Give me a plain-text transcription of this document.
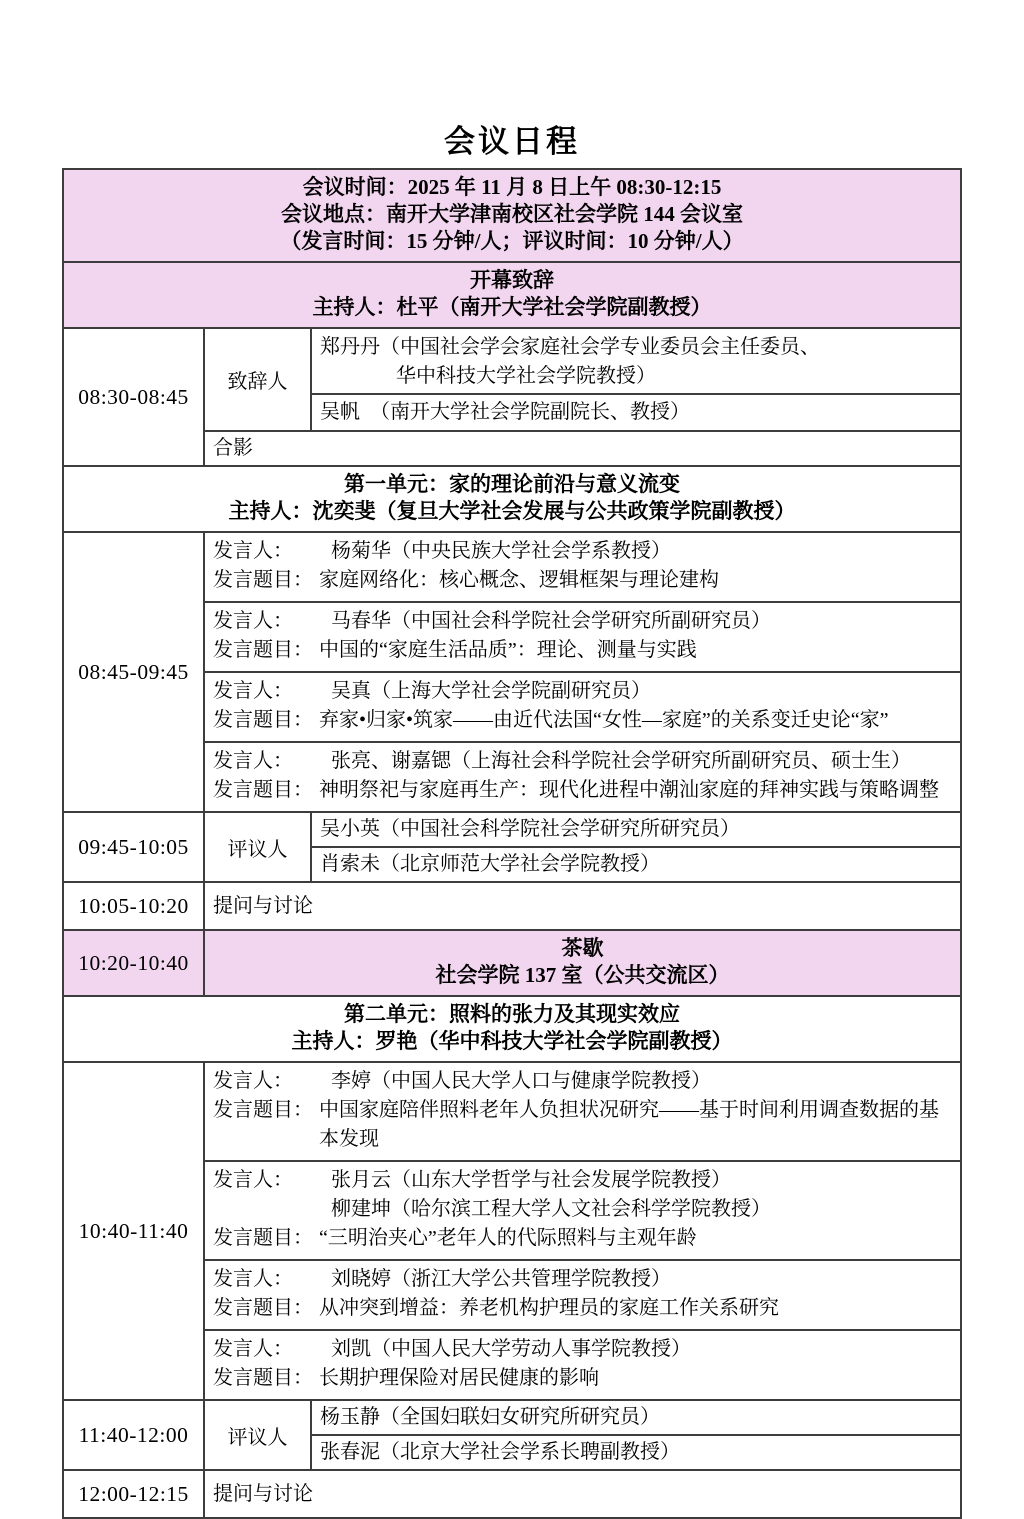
会议日程
会议时间：2025 年 11 月 8 日上午 08:30-12:15
会议地点：南开大学津南校区社会学院 144 会议室
（发言时间：15 分钟/人；评议时间：10 分钟/人）
开幕致辞
主持人：杜平（南开大学社会学院副教授）
08:30-08:45
致辞人
郑丹丹（中国社会学会家庭社会学专业委员会主任委员、
华中科技大学社会学院教授）
吴帆　（南开大学社会学院副院长、教授）
合影
第一单元：家的理论前沿与意义流变
主持人：沈奕斐（复旦大学社会发展与公共政策学院副教授）
08:45-09:45
发言人：	杨菊华（中央民族大学社会学系教授）
发言题目： 家庭网络化：核心概念、逻辑框架与理论建构
发言人：	马春华（中国社会科学院社会学研究所副研究员）
发言题目： 中国的“家庭生活品质”：理论、测量与实践
发言人：	吴真（上海大学社会学院副研究员）
发言题目： 弃家•归家•筑家——由近代法国“女性—家庭”的关系变迁史论“家”
发言人：	张亮、谢嘉锶（上海社会科学院社会学研究所副研究员、硕士生）
发言题目： 神明祭祀与家庭再生产：现代化进程中潮汕家庭的拜神实践与策略调整
09:45-10:05	评议人
吴小英（中国社会科学院社会学研究所研究员）
肖索未（北京师范大学社会学院教授）
10:05-10:20	提问与讨论
10:20-10:40
茶歇
社会学院 137 室（公共交流区）
第二单元：照料的张力及其现实效应
主持人：罗艳（华中科技大学社会学院副教授）
10:40-11:40
发言人：	李婷（中国人民大学人口与健康学院教授）
发言题目： 中国家庭陪伴照料老年人负担状况研究——基于时间利用调查数据的基本发现
发言人：	张月云（山东大学哲学与社会发展学院教授）
柳建坤（哈尔滨工程大学人文社会科学学院教授）
发言题目： “三明治夹心”老年人的代际照料与主观年龄
发言人：	刘晓婷（浙江大学公共管理学院教授）
发言题目： 从冲突到增益：养老机构护理员的家庭工作关系研究
发言人：	刘凯（中国人民大学劳动人事学院教授）
发言题目： 长期护理保险对居民健康的影响
11:40-12:00	评议人
杨玉静（全国妇联妇女研究所研究员）
张春泥（北京大学社会学系长聘副教授）
12:00-12:15	提问与讨论
